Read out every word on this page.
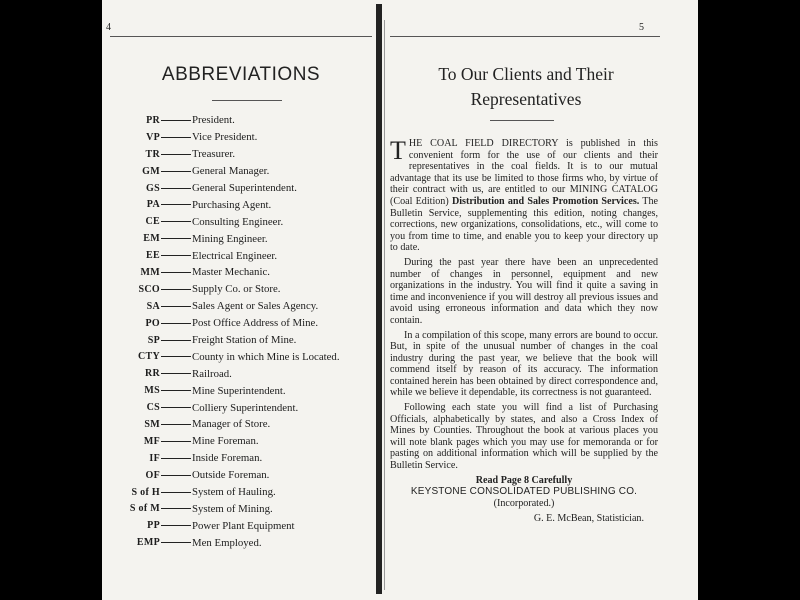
4	5
ABBREVIATIONS
PR	President.
VP	Vice President.
TR	Treasurer.
GM	General Manager.
GS	General Superintendent.
PA	Purchasing Agent.
CE	Consulting Engineer.
EM	Mining Engineer.
EE	Electrical Engineer.
MM	Master Mechanic.
SCO	Supply Co. or Store.
SA	Sales Agent or Sales Agency.
PO	Post Office Address of Mine.
SP	Freight Station of Mine.
CTY	County in which Mine is Located.
RR	Railroad.
MS	Mine Superintendent.
CS	Colliery Superintendent.
SM	Manager of Store.
MF	Mine Foreman.
IF	Inside Foreman.
OF	Outside Foreman.
S of H	System of Hauling.
S of M	System of Mining.
PP	Power Plant Equipment
EMP	Men Employed.
To Our Clients and Their
Representatives

THE COAL FIELD DIRECTORY is published in this convenient form for the use of our clients and their representatives in the coal fields. It is to our mutual advantage that its use be limited to those firms who, by virtue of their contract with us, are entitled to our MINING CATALOG (Coal Edition) Distribution and Sales Promotion Services. The Bulletin Service, supplementing this edition, noting changes, corrections, new organizations, consolidations, etc., will come to you from time to time, and enable you to keep your directory up to date.

During the past year there have been an unprecedented number of changes in personnel, equipment and new organizations in the industry. You will find it quite a saving in time and inconvenience if you will destroy all previous issues and avoid using erroneous information and data which they now contain.

In a compilation of this scope, many errors are bound to occur. But, in spite of the unusual number of changes in the coal industry during the past year, we believe that the book will commend itself by reason of its accuracy. The information contained herein has been obtained by direct correspondence and, while we believe it dependable, its correctness is not guaranteed.

Following each state you will find a list of Purchasing Officials, alphabetically by states, and also a Cross Index of Mines by Counties. Throughout the book at various places you will note blank pages which you may use for memoranda or for pasting on additional information which will be supplied by the Bulletin Service.

Read Page 8 Carefully
KEYSTONE CONSOLIDATED PUBLISHING CO.
(Incorporated.)
G. E. McBean, Statistician.
